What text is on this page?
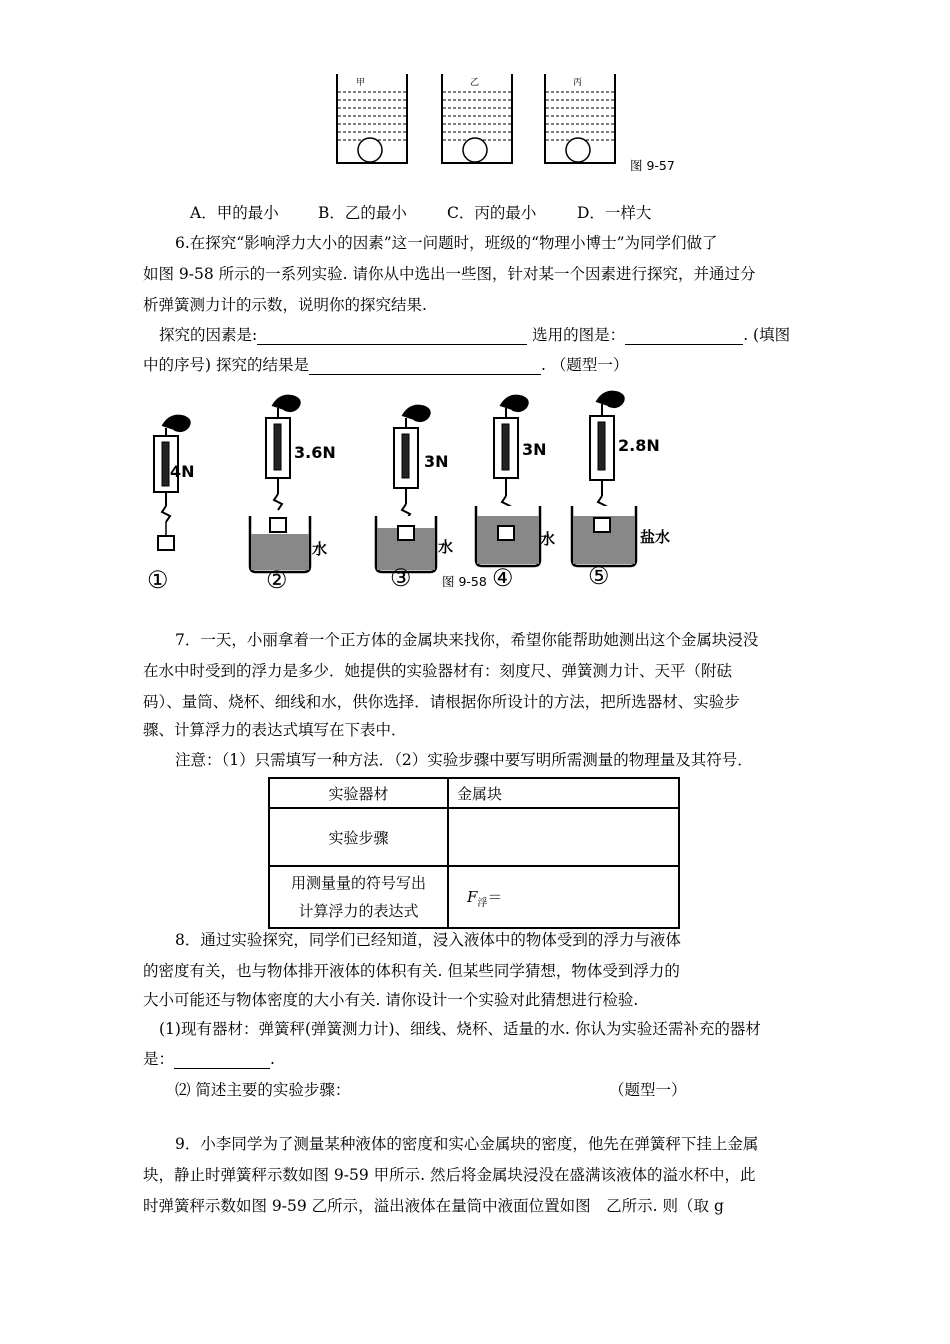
甲	乙	丙
图 9-57
A．甲的最小	B．乙的最小	C．丙的最小	D．一样大
6.在探究“影响浮力大小的因素”这一问题时，班级的“物理小博士”为同学们做了
如图 9-58 所示的一系列实验. 请你从中选出一些图，针对某一个因素进行探究，并通过分
析弹簧测力计的示数，说明你的探究结果.
探究的因素是:	选用的图是：	. (填图
中的序号) 探究的结果是	. （题型一）
4N
3.6N	3N
3N	2.8N
水	水	水	盐水
①	②	③	④	⑤
图 9-58
7．一天，小丽拿着一个正方体的金属块来找你，希望你能帮助她测出这个金属块浸没
在水中时受到的浮力是多少．她提供的实验器材有：刻度尺、弹簧测力计、天平（附砝
码）、量筒、烧杯、细线和水，供你选择．请根据你所设计的方法，把所选器材、实验步
骤、计算浮力的表达式填写在下表中．
注意：（1）只需填写一种方法．（2）实验步骤中要写明所需测量的物理量及其符号．
实验器材	金属块
实验步骤	

用测量量的符号写出
计算浮力的表达式	$F_浮=$
8．通过实验探究，同学们已经知道，浸入液体中的物体受到的浮力与液体
的密度有关，也与物体排开液体的体积有关. 但某些同学猜想，物体受到浮力的
大小可能还与物体密度的大小有关. 请你设计一个实验对此猜想进行检验.
(1)现有器材：弹簧秤(弹簧测力计)、细线、烧杯、适量的水. 你认为实验还需补充的器材
是：	.
⑵ 简述主要的实验步骤：	（题型一）
9．小李同学为了测量某种液体的密度和实心金属块的密度，他先在弹簧秤下挂上金属
块，静止时弹簧秤示数如图 9-59 甲所示. 然后将金属块浸没在盛满该液体的溢水杯中，此
时弹簧秤示数如图 9-59 乙所示，溢出液体在量筒中液面位置如图　乙所示. 则（取 g
